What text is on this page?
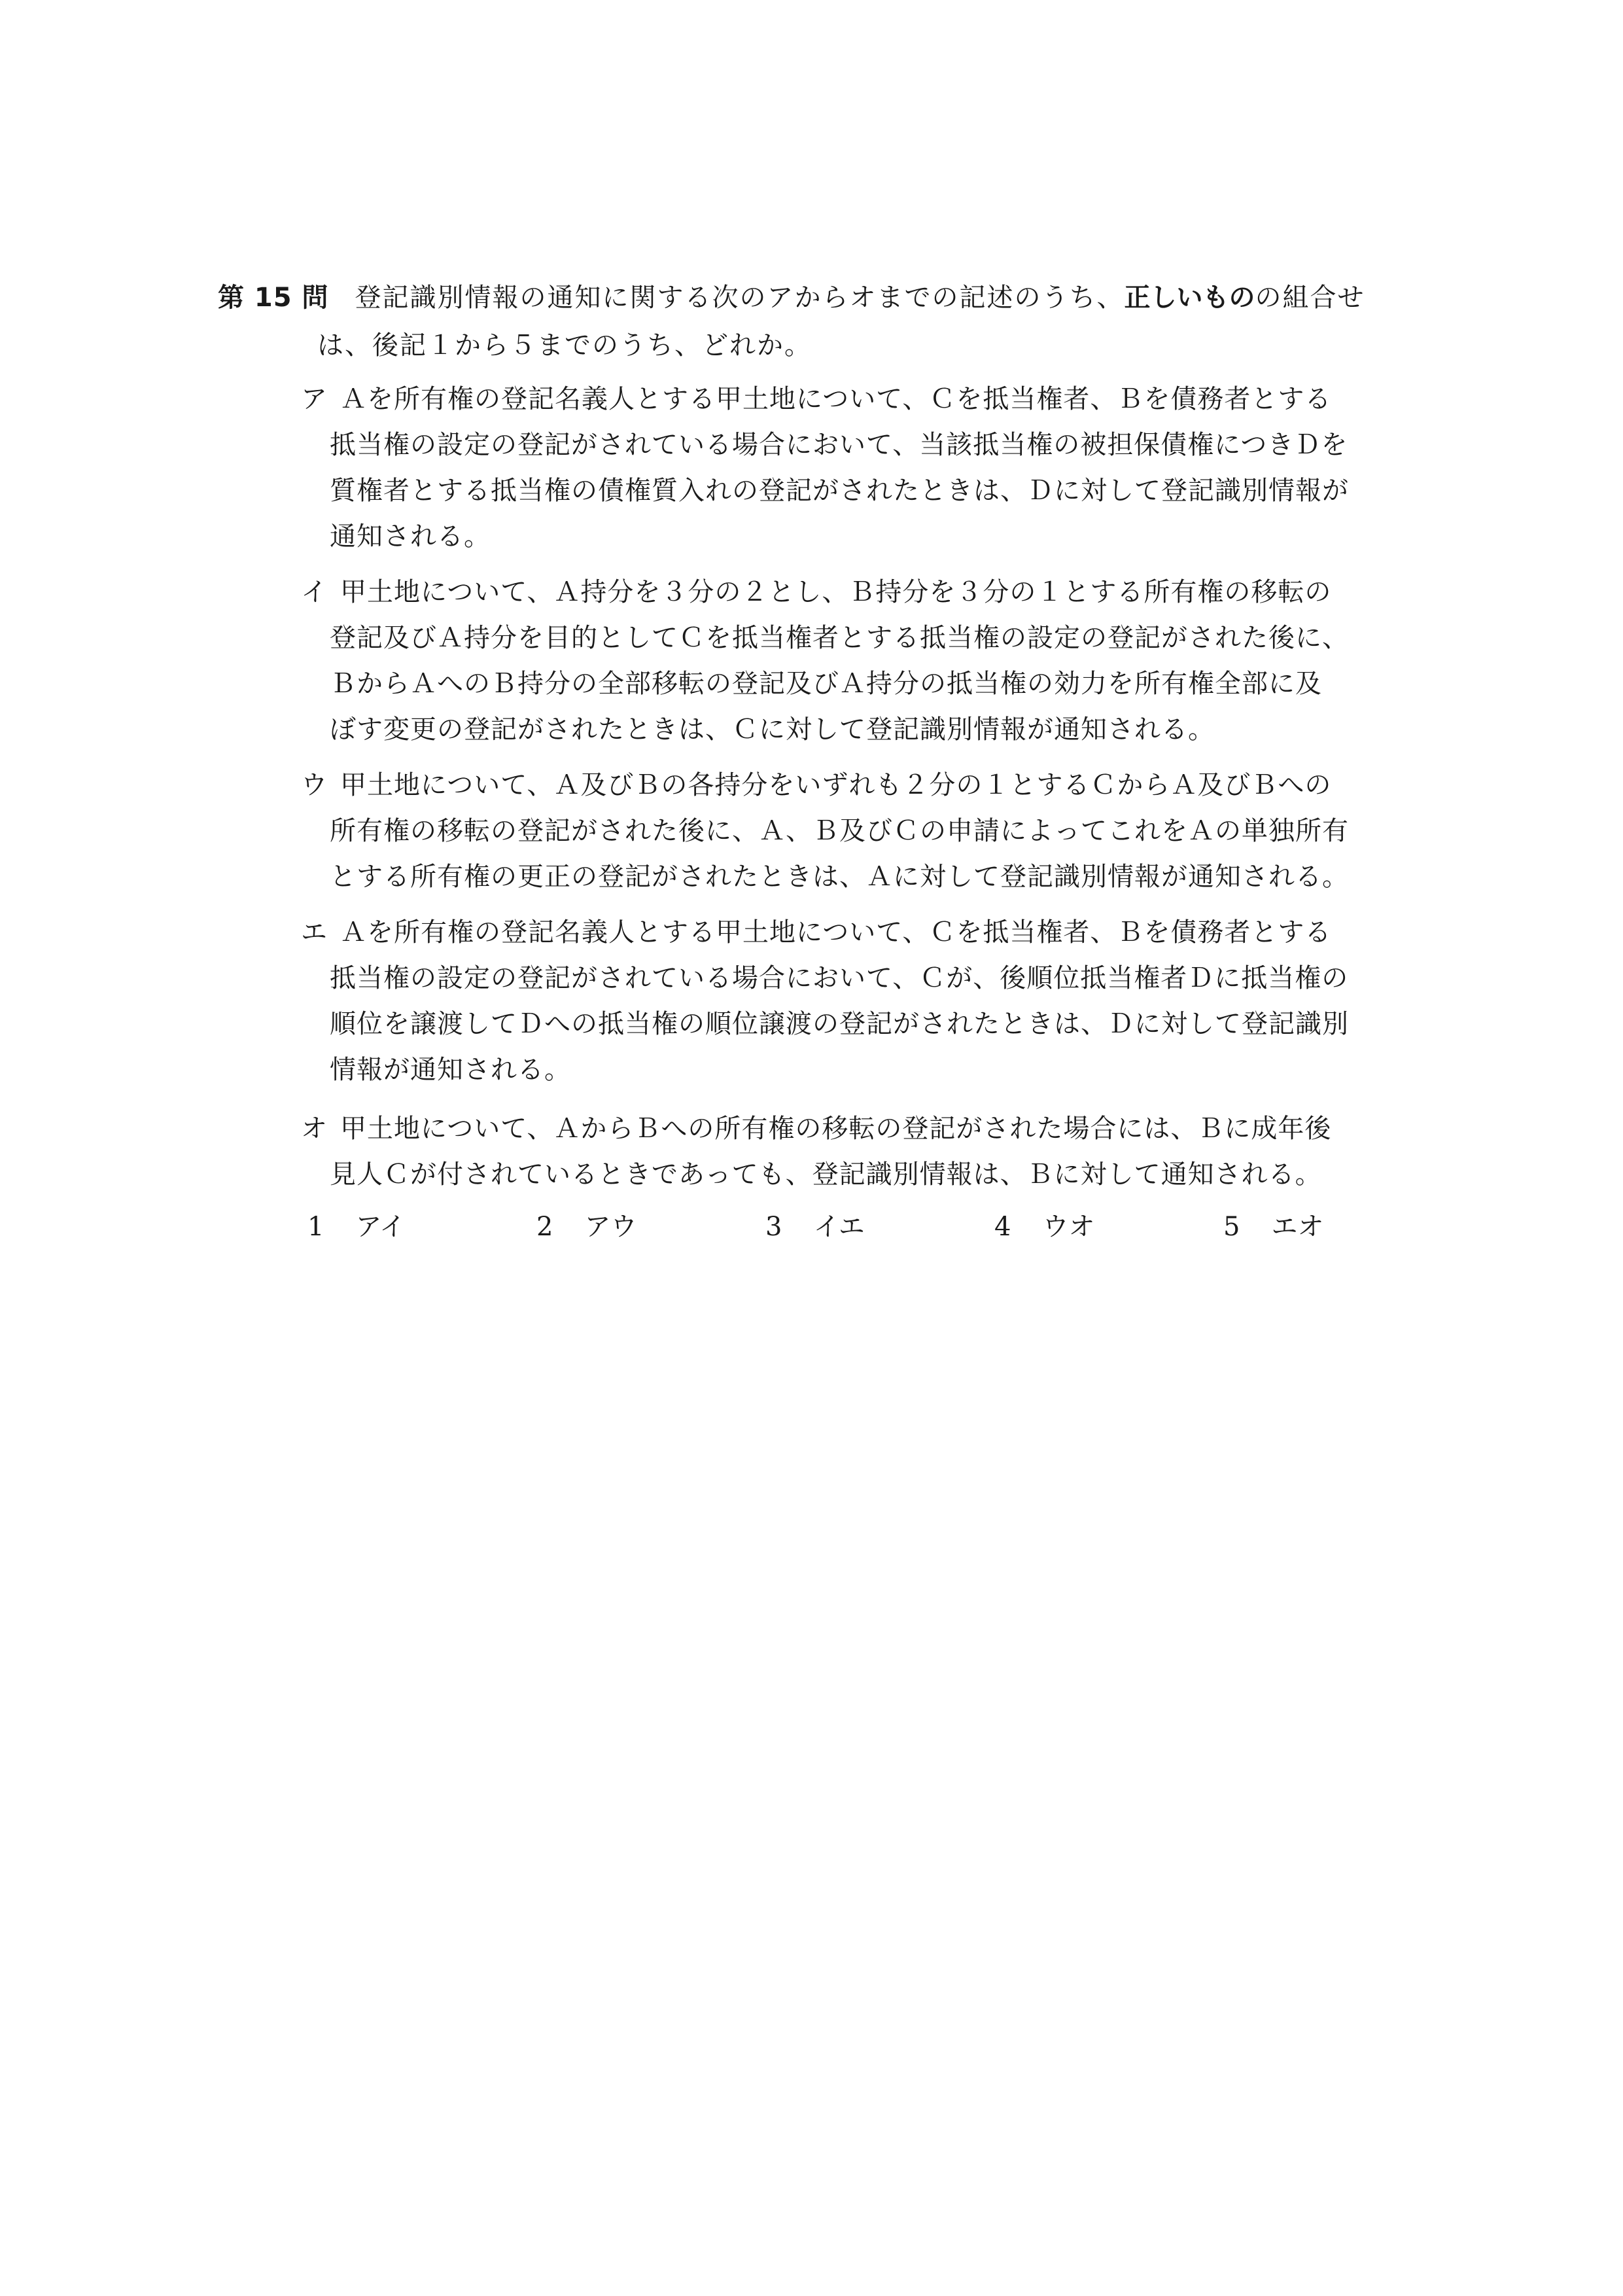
第 15 問 登記識別情報の通知に関する次のアからオまでの記述のうち、正しいものの組合せ
は、後記１から５までのうち、どれか。
ア Ａを所有権の登記名義人とする甲土地について、Ｃを抵当権者、Ｂを債務者とする
抵当権の設定の登記がされている場合において、当該抵当権の被担保債権につきＤを
質権者とする抵当権の債権質入れの登記がされたときは、Ｄに対して登記識別情報が
通知される。
イ 甲土地について、Ａ持分を３分の２とし、Ｂ持分を３分の１とする所有権の移転の
登記及びＡ持分を目的としてＣを抵当権者とする抵当権の設定の登記がされた後に、
ＢからＡへのＢ持分の全部移転の登記及びＡ持分の抵当権の効力を所有権全部に及
ぼす変更の登記がされたときは、Ｃに対して登記識別情報が通知される。
ウ 甲土地について、Ａ及びＢの各持分をいずれも２分の１とするＣからＡ及びＢへの
所有権の移転の登記がされた後に、Ａ、Ｂ及びＣの申請によってこれをＡの単独所有
とする所有権の更正の登記がされたときは、Ａに対して登記識別情報が通知される。
エ Ａを所有権の登記名義人とする甲土地について、Ｃを抵当権者、Ｂを債務者とする
抵当権の設定の登記がされている場合において、Ｃが、後順位抵当権者Ｄに抵当権の
順位を譲渡してＤへの抵当権の順位譲渡の登記がされたときは、Ｄに対して登記識別
情報が通知される。
オ 甲土地について、ＡからＢへの所有権の移転の登記がされた場合には、Ｂに成年後
見人Ｃが付されているときであっても、登記識別情報は、Ｂに対して通知される。
1 アイ	2 アウ	3 イエ	4 ウオ	5 エオ
